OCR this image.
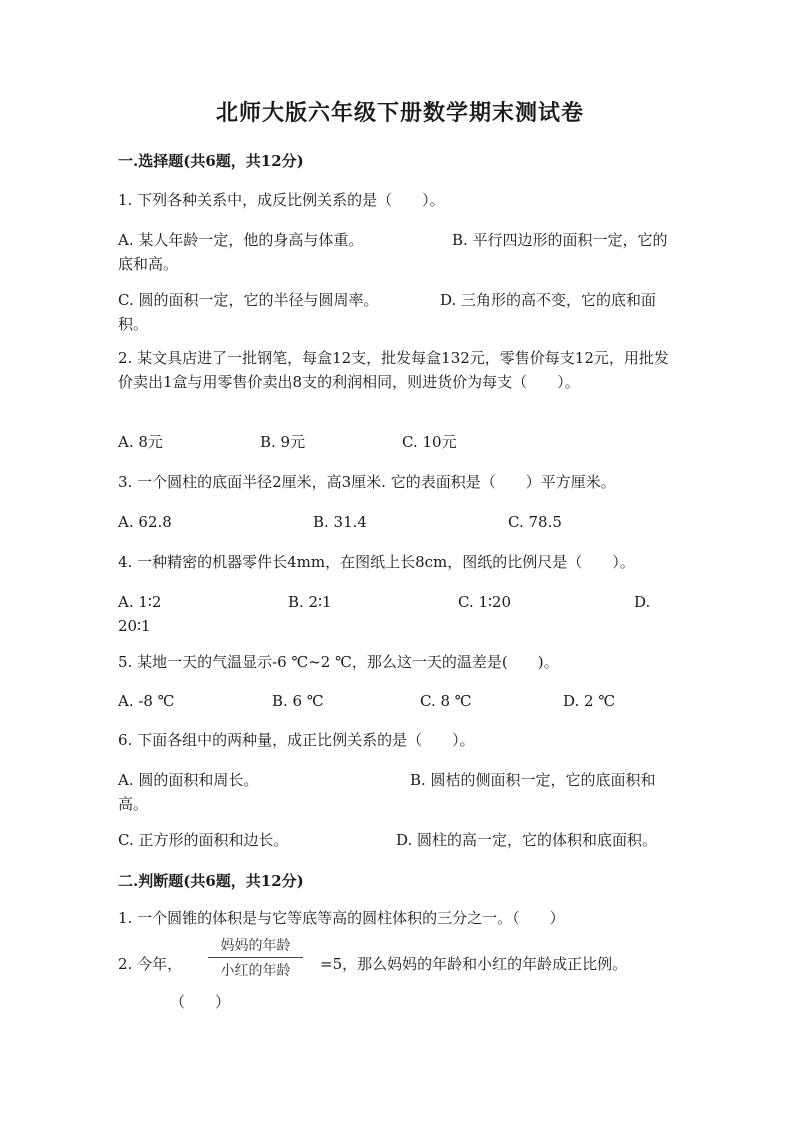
北师大版六年级下册数学期末测试卷
一.选择题(共6题，共12分)
1. 下列各种关系中，成反比例关系的是（　　）。
A. 某人年龄一定，他的身高与体重。	B. 平行四边形的面积一定，它的底和高。
C. 圆的面积一定，它的半径与圆周率。	D. 三角形的高不变，它的底和面积。
2. 某文具店进了一批钢笔，每盒12支，批发每盒132元，零售价每支12元，用批发价卖出1盒与用零售价卖出8支的利润相同，则进货价为每支（　　）。
A. 8元	B. 9元	C. 10元
3. 一个圆柱的底面半径2厘米，高3厘米. 它的表面积是（　　）平方厘米。
A. 62.8	B. 31.4	C. 78.5
4. 一种精密的机器零件长4mm，在图纸上长8cm，图纸的比例尺是（　　）。
A. 1∶2	B. 2∶1	C. 1∶20	D. 20∶1
5. 某地一天的气温显示-6 ℃~2 ℃，那么这一天的温差是(　　)。
A. -8 ℃	B. 6 ℃	C. 8 ℃	D. 2 ℃
6. 下面各组中的两种量，成正比例关系的是（　　）。
A. 圆的面积和周长。	B. 圆桔的侧面积一定，它的底面积和高。
C. 正方形的面积和边长。	D. 圆柱的高一定，它的体积和底面积。
二.判断题(共6题，共12分)
1. 一个圆锥的体积是与它等底等高的圆柱体积的三分之一。（　　）
2. 今年，
妈妈的年龄
小红的年龄	=5，那么妈妈的年龄和小红的年龄成正比例。
（　　）
